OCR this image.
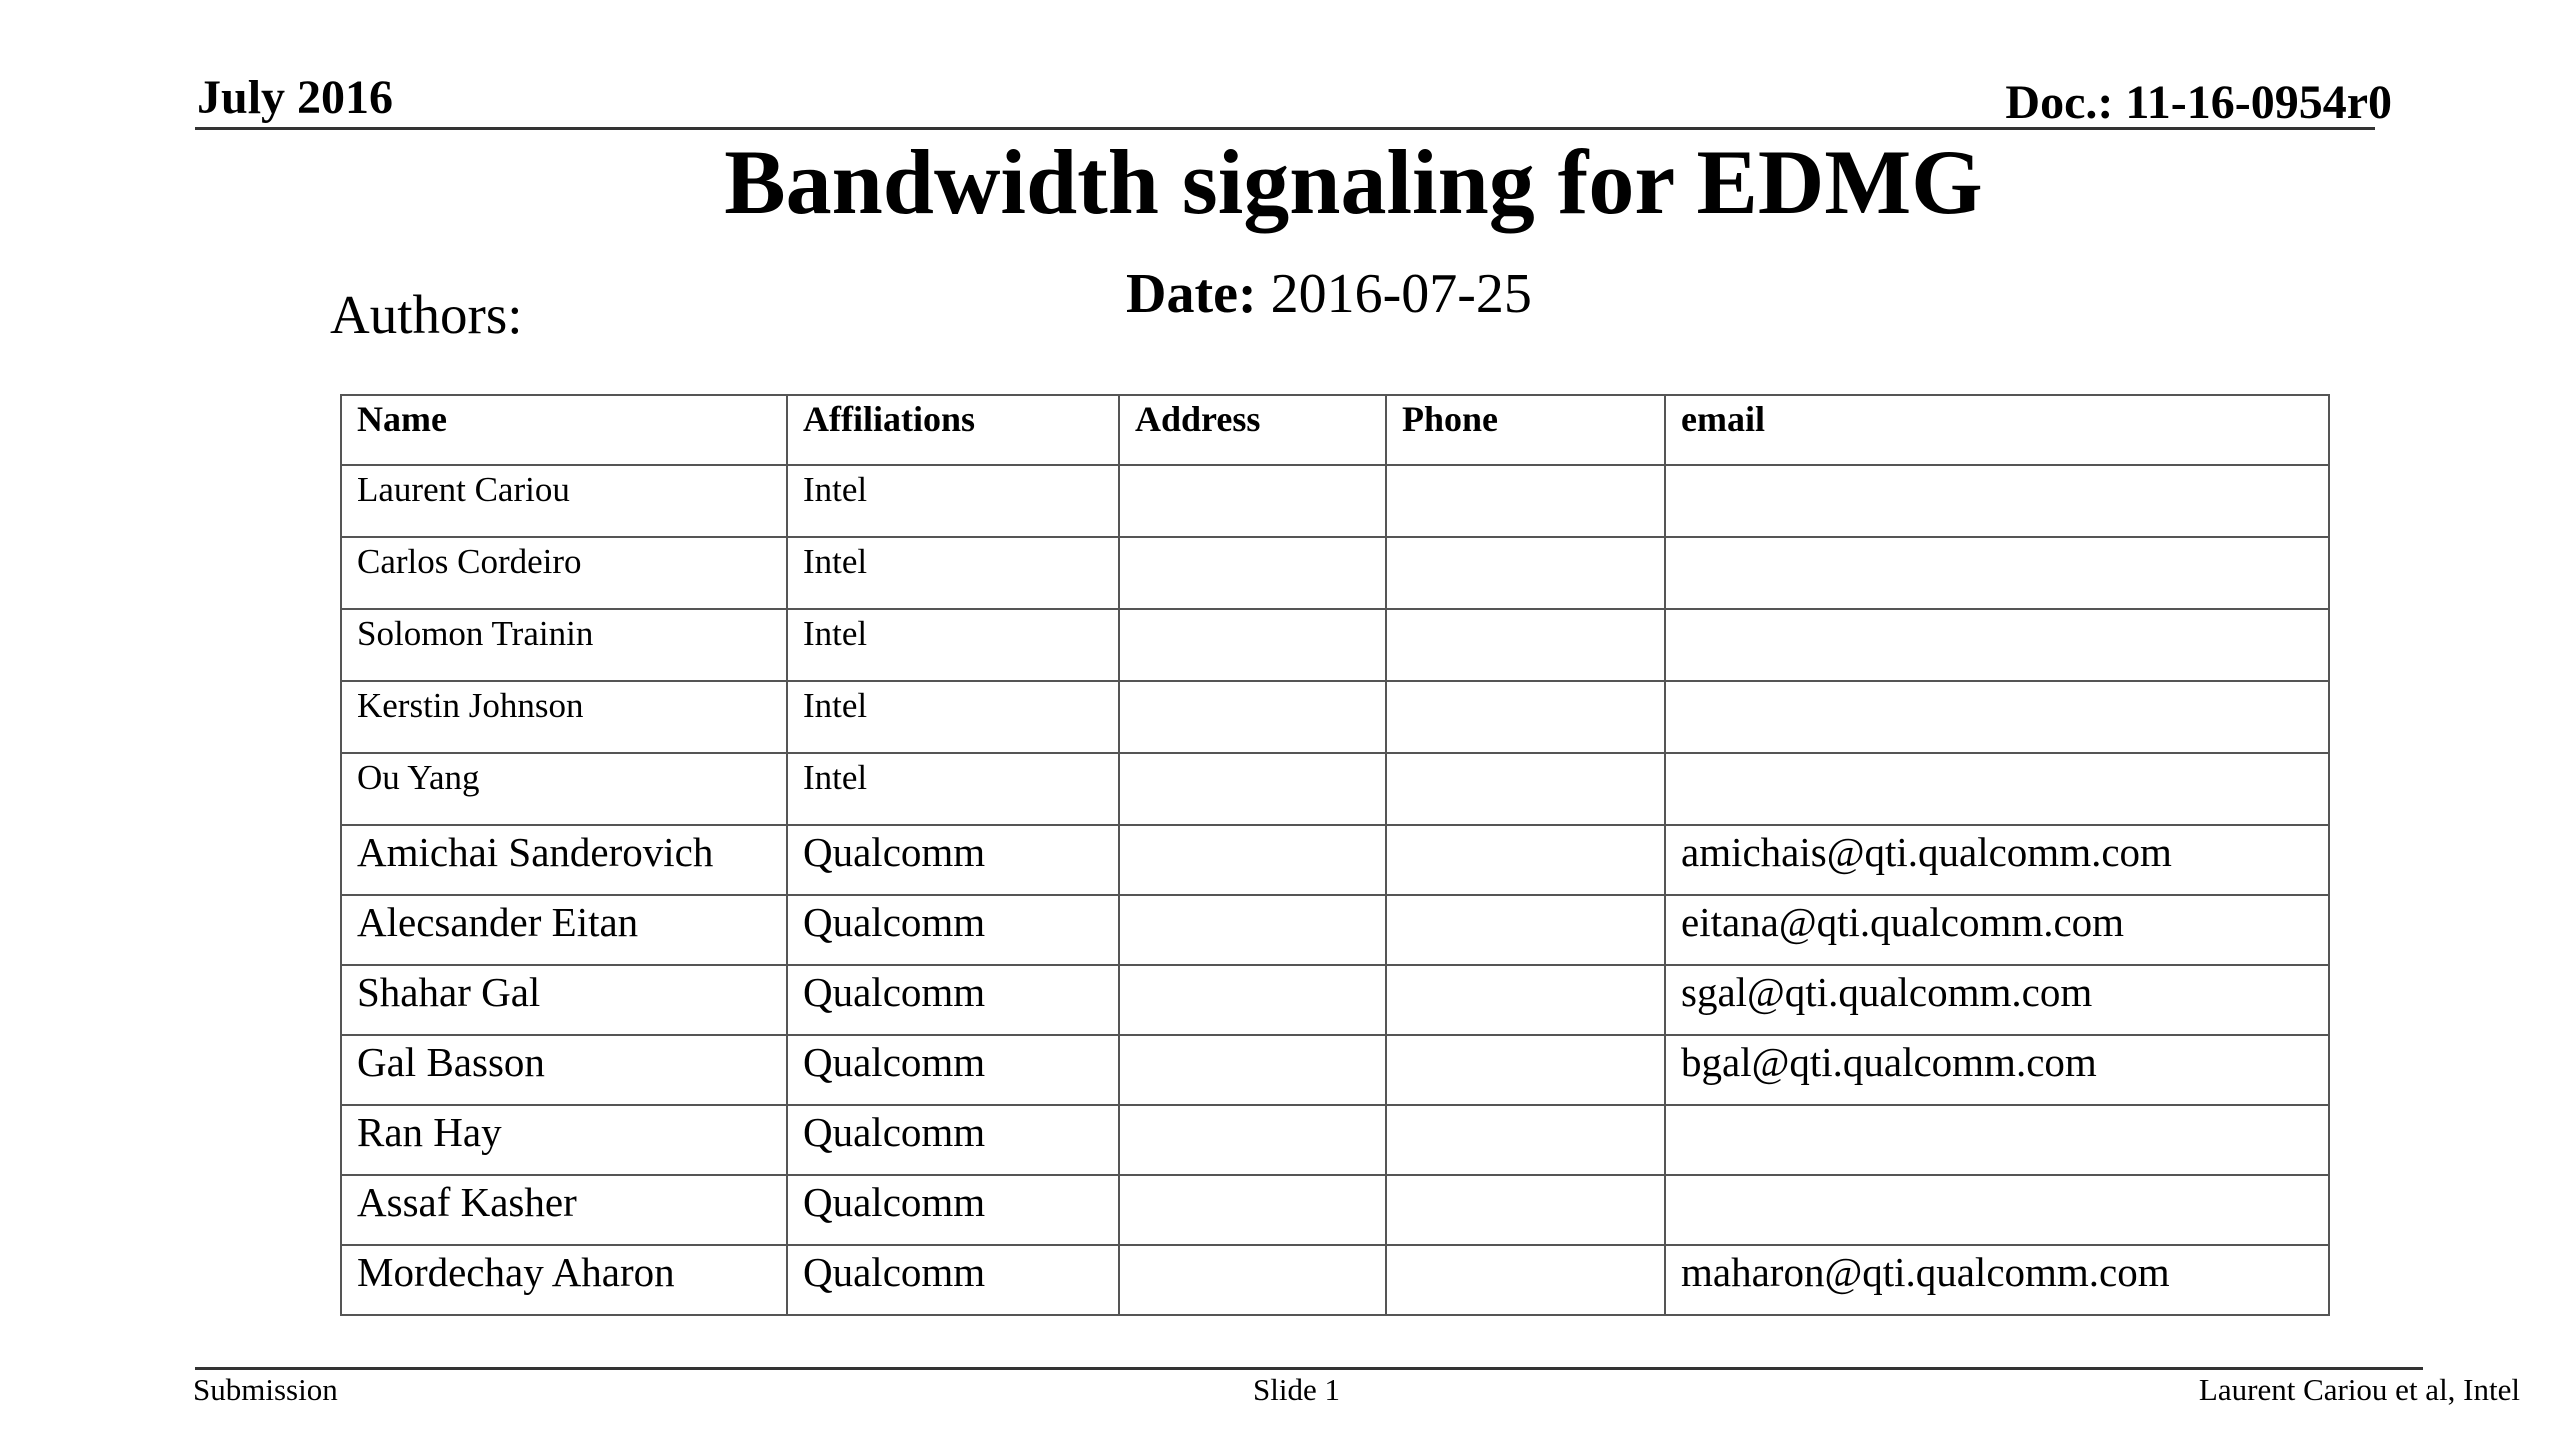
July 2016	Doc.: 11-16-0954r0
Bandwidth signaling for EDMG
Date: 2016-07-25
Authors:
Name	Affiliations	Address	Phone	email
Laurent Cariou	Intel			
Carlos Cordeiro	Intel			
Solomon Trainin	Intel			
Kerstin Johnson	Intel			
Ou Yang	Intel			
Amichai Sanderovich	Qualcomm			amichais@qti.qualcomm.com
Alecsander Eitan	Qualcomm			eitana@qti.qualcomm.com
Shahar Gal	Qualcomm			sgal@qti.qualcomm.com
Gal Basson	Qualcomm			bgal@qti.qualcomm.com
Ran Hay	Qualcomm			
Assaf Kasher	Qualcomm			
Mordechay Aharon	Qualcomm			maharon@qti.qualcomm.com
Submission	Slide 1	Laurent Cariou et al, Intel
